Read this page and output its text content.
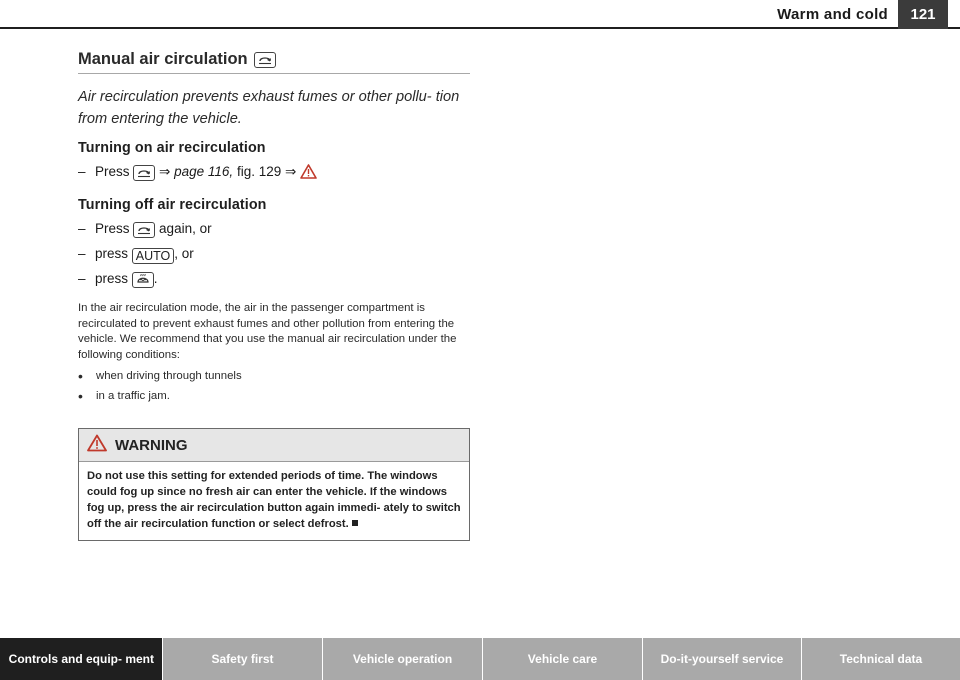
Warm and cold	121
Manual air circulation

Air recirculation prevents exhaust fumes or other pollu- tion from entering the vehicle.

Turning on air recirculation
– Press ⇒ page 116, fig. 129 ⇒
Turning off air recirculation
– Press again, or
– press AUTO , or
– press .

In the air recirculation mode, the air in the passenger compartment is recirculated to prevent exhaust fumes and other pollution from entering the vehicle. We recommend that you use the manual air recirculation under the following conditions:

• when driving through tunnels
• in a traffic jam.
WARNING
Do not use this setting for extended periods of time. The windows could fog up since no fresh air can enter the vehicle. If the windows fog up, press the air recirculation button again immedi- ately to switch off the air recirculation function or select defrost.
Controls and equip- ment	Safety first	Vehicle operation	Vehicle care	Do-it-yourself service	Technical data
